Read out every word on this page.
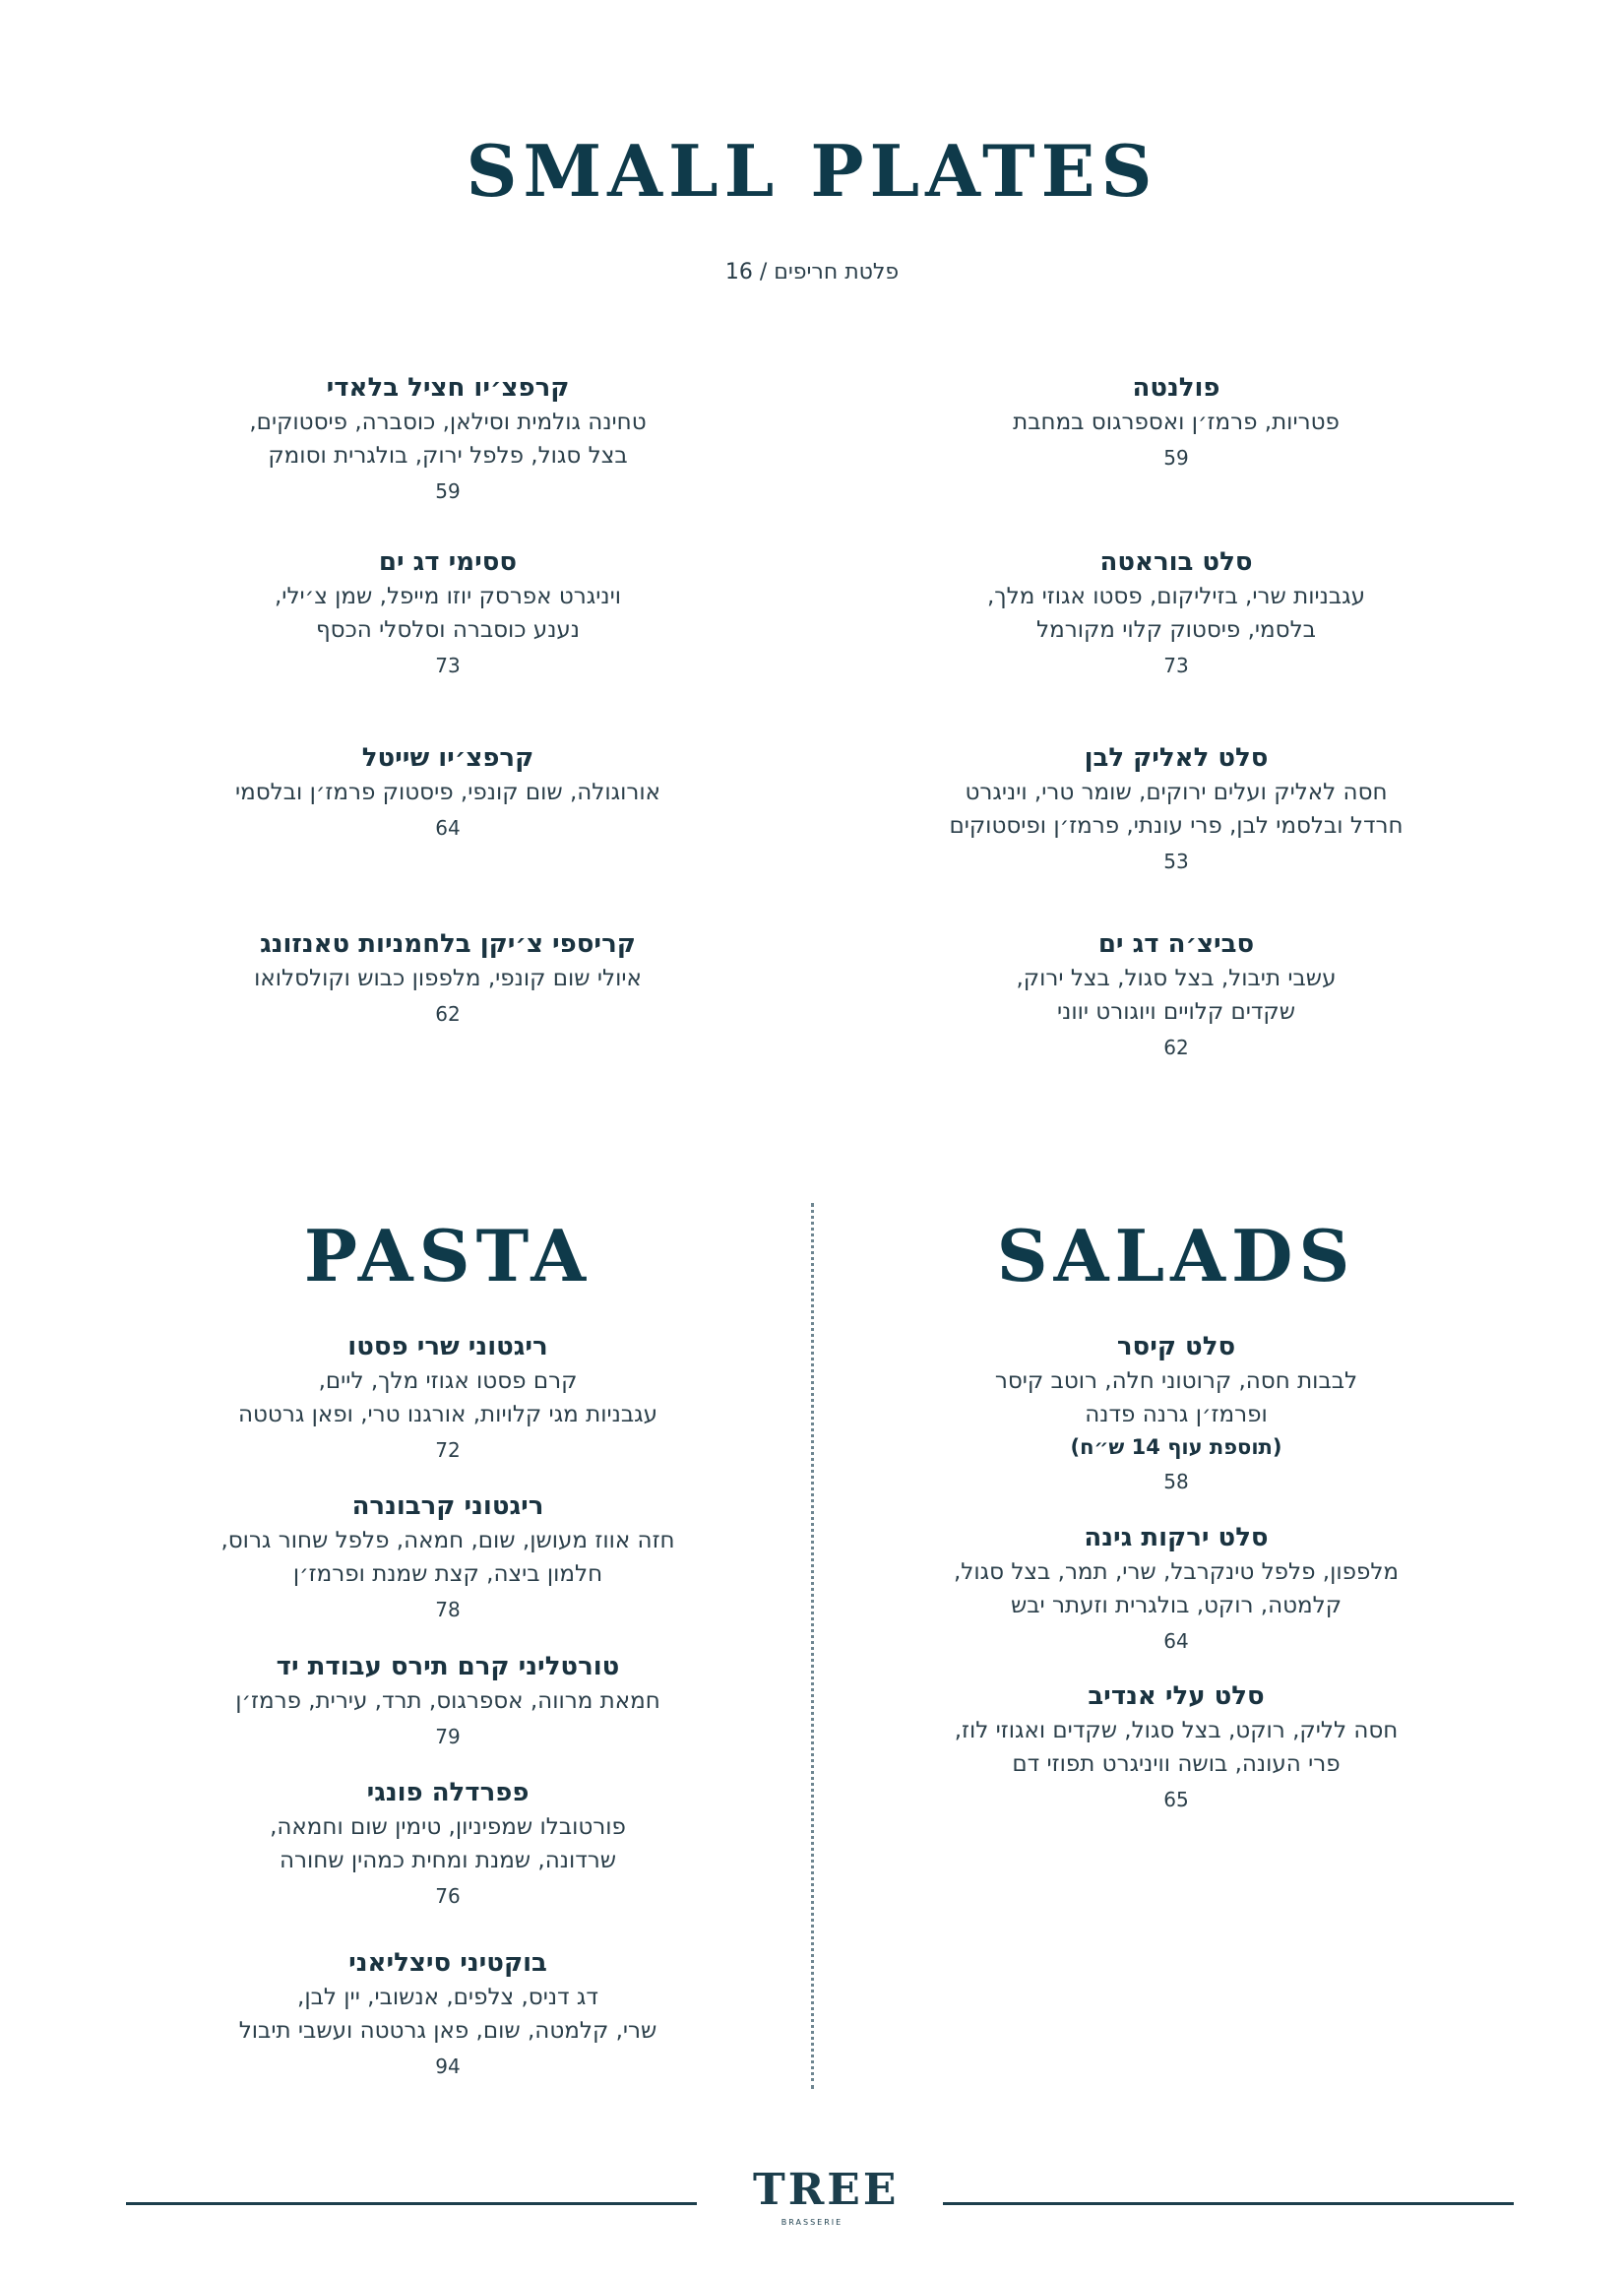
SMALL PLATES
פלטת חריפים / 16
פולנטה
פטריות, פרמז׳ן ואספרגוס במחבת
59
קרפצ׳יו חציל בלאדי
טחינה גולמית וסילאן, כוסברה, פיסטוקים,
בצל סגול, פלפל ירוק, בולגרית וסומק
59
סלט בוראטה
עגבניות שרי, בזיליקום, פסטו אגוזי מלך,
בלסמי, פיסטוק קלוי מקורמל
73
ססימי דג ים
ויניגרט אפרסק יוזו מייפל, שמן צ׳ילי,
נענע כוסברה וסלסלי הכסף
73
סלט לאליק לבן
חסה לאליק ועלים ירוקים, שומר טרי, ויניגרט
חרדל ובלסמי לבן, פרי עונתי, פרמז׳ן ופיסטוקים
53
קרפצ׳יו שייטל
אורוגולה, שום קונפי, פיסטוק פרמז׳ן ובלסמי
64
סביצ׳ה דג ים
עשבי תיבול, בצל סגול, בצל ירוק,
שקדים קלויים ויוגורט יווני
62
קריספי צ׳יקן בלחמניות טאנזונג
איולי שום קונפי, מלפפון כבוש וקולסלואו
62
PASTA
ריגטוני שרי פסטו
קרם פסטו אגוזי מלך, ליים,
עגבניות מגי קלויות, אורגנו טרי, ופאן גרטטה
72
ריגטוני קרבונרה
חזה אווז מעושן, שום, חמאה, פלפל שחור גרוס,
חלמון ביצה, קצת שמנת ופרמז׳ן
78
טורטליני קרם תירס עבודת יד
חמאת מרווה, אספרגוס, תרד, עירית, פרמז׳ן
79
פפרדלה פונגי
פורטובלו שמפיניון, טימין שום וחמאה,
שרדונה, שמנת ומחית כמהין שחורה
76
בוקטיני סיצליאני
דג דניס, צלפים, אנשובי, יין לבן,
שרי, קלמטה, שום, פאן גרטטה ועשבי תיבול
94
SALADS
סלט קיסר
לבבות חסה, קרוטוני חלה, רוטב קיסר
ופרמז׳ן גרנה פדנה
(תוספת עוף 14 ש״ח)
58
סלט ירקות גינה
מלפפון, פלפל טינקרבל, שרי, תמר, בצל סגול,
קלמטה, רוקט, בולגרית וזעתר יבש
64
סלט עלי אנדיב
חסה לליק, רוקט, בצל סגול, שקדים ואגוזי לוז,
פרי העונה, בושה וויניגרט תפוזי דם
65
TREE
BRASSERIE
